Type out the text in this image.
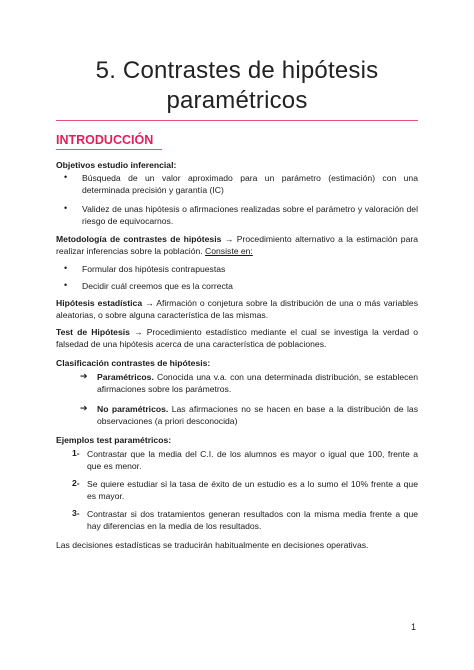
5. Contrastes de hipótesis
paramétricos
INTRODUCCIÓN
Objetivos estudio inferencial:
• Búsqueda de un valor aproximado para un parámetro (estimación) con una determinada precisión y garantía (IC)
• Validez de unas hipótesis o afirmaciones realizadas sobre el parámetro y valoración del riesgo de equivocarnos.
Metodología de contrastes de hipótesis → Procedimiento alternativo a la estimación para realizar inferencias sobre la población. Consiste en:
• Formular dos hipótesis contrapuestas
• Decidir cuál creemos que es la correcta
Hipótesis estadística → Afirmación o conjetura sobre la distribución de una o más variables aleatorias, o sobre alguna característica de las mismas.
Test de Hipótesis → Procedimiento estadístico mediante el cual se investiga la verdad o falsedad de una hipótesis acerca de una característica de poblaciones.
Clasificación contrastes de hipótesis:
➔ Paramétricos. Conocida una v.a. con una determinada distribución, se establecen afirmaciones sobre los parámetros.
➔ No paramétricos. Las afirmaciones no se hacen en base a la distribución de las observaciones (a priori desconocida)
Ejemplos test paramétricos:
1- Contrastar que la media del C.I. de los alumnos es mayor o igual que 100, frente a que es menor.
2- Se quiere estudiar si la tasa de éxito de un estudio es a lo sumo el 10% frente a que es mayor.
3- Contrastar si dos tratamientos generan resultados con la misma media frente a que hay diferencias en la media de los resultados.
Las decisiones estadísticas se traducirán habitualmente en decisiones operativas.
1
